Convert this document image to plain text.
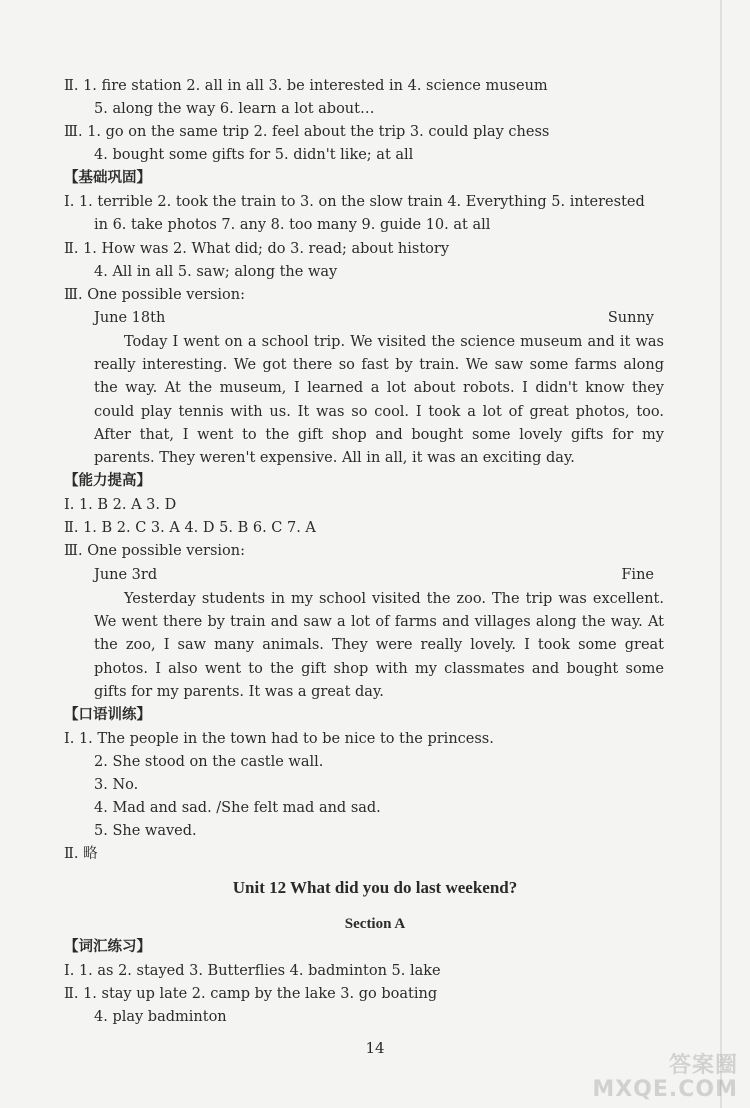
Ⅱ. 1. fire station 2. all in all 3. be interested in 4. science museum
5. along the way 6. learn a lot about…
Ⅲ. 1. go on the same trip 2. feel about the trip 3. could play chess
4. bought some gifts for 5. didn't like; at all
【基础巩固】
Ⅰ. 1. terrible 2. took the train to 3. on the slow train 4. Everything 5. interested
in 6. take photos 7. any 8. too many 9. guide 10. at all
Ⅱ. 1. How was 2. What did; do 3. read; about history
4. All in all 5. saw; along the way
Ⅲ. One possible version:
June 18th	Sunny
Today I went on a school trip. We visited the science museum and it was really interesting. We got there so fast by train. We saw some farms along the way. At the museum, I learned a lot about robots. I didn't know they could play tennis with us. It was so cool. I took a lot of great photos, too. After that, I went to the gift shop and bought some lovely gifts for my parents. They weren't expensive. All in all, it was an exciting day.
【能力提高】
Ⅰ. 1. B 2. A 3. D
Ⅱ. 1. B 2. C 3. A 4. D 5. B 6. C 7. A
Ⅲ. One possible version:
June 3rd	Fine
Yesterday students in my school visited the zoo. The trip was excellent. We went there by train and saw a lot of farms and villages along the way. At the zoo, I saw many animals. They were really lovely. I took some great photos. I also went to the gift shop with my classmates and bought some gifts for my parents. It was a great day.
【口语训练】
Ⅰ. 1. The people in the town had to be nice to the princess.
2. She stood on the castle wall.
3. No.
4. Mad and sad. /She felt mad and sad.
5. She waved.
Ⅱ. 略
Unit 12 What did you do last weekend?
Section A
【词汇练习】
Ⅰ. 1. as 2. stayed 3. Butterflies 4. badminton 5. lake
Ⅱ. 1. stay up late 2. camp by the lake 3. go boating
4. play badminton
14
答案圈
MXQE.COM
